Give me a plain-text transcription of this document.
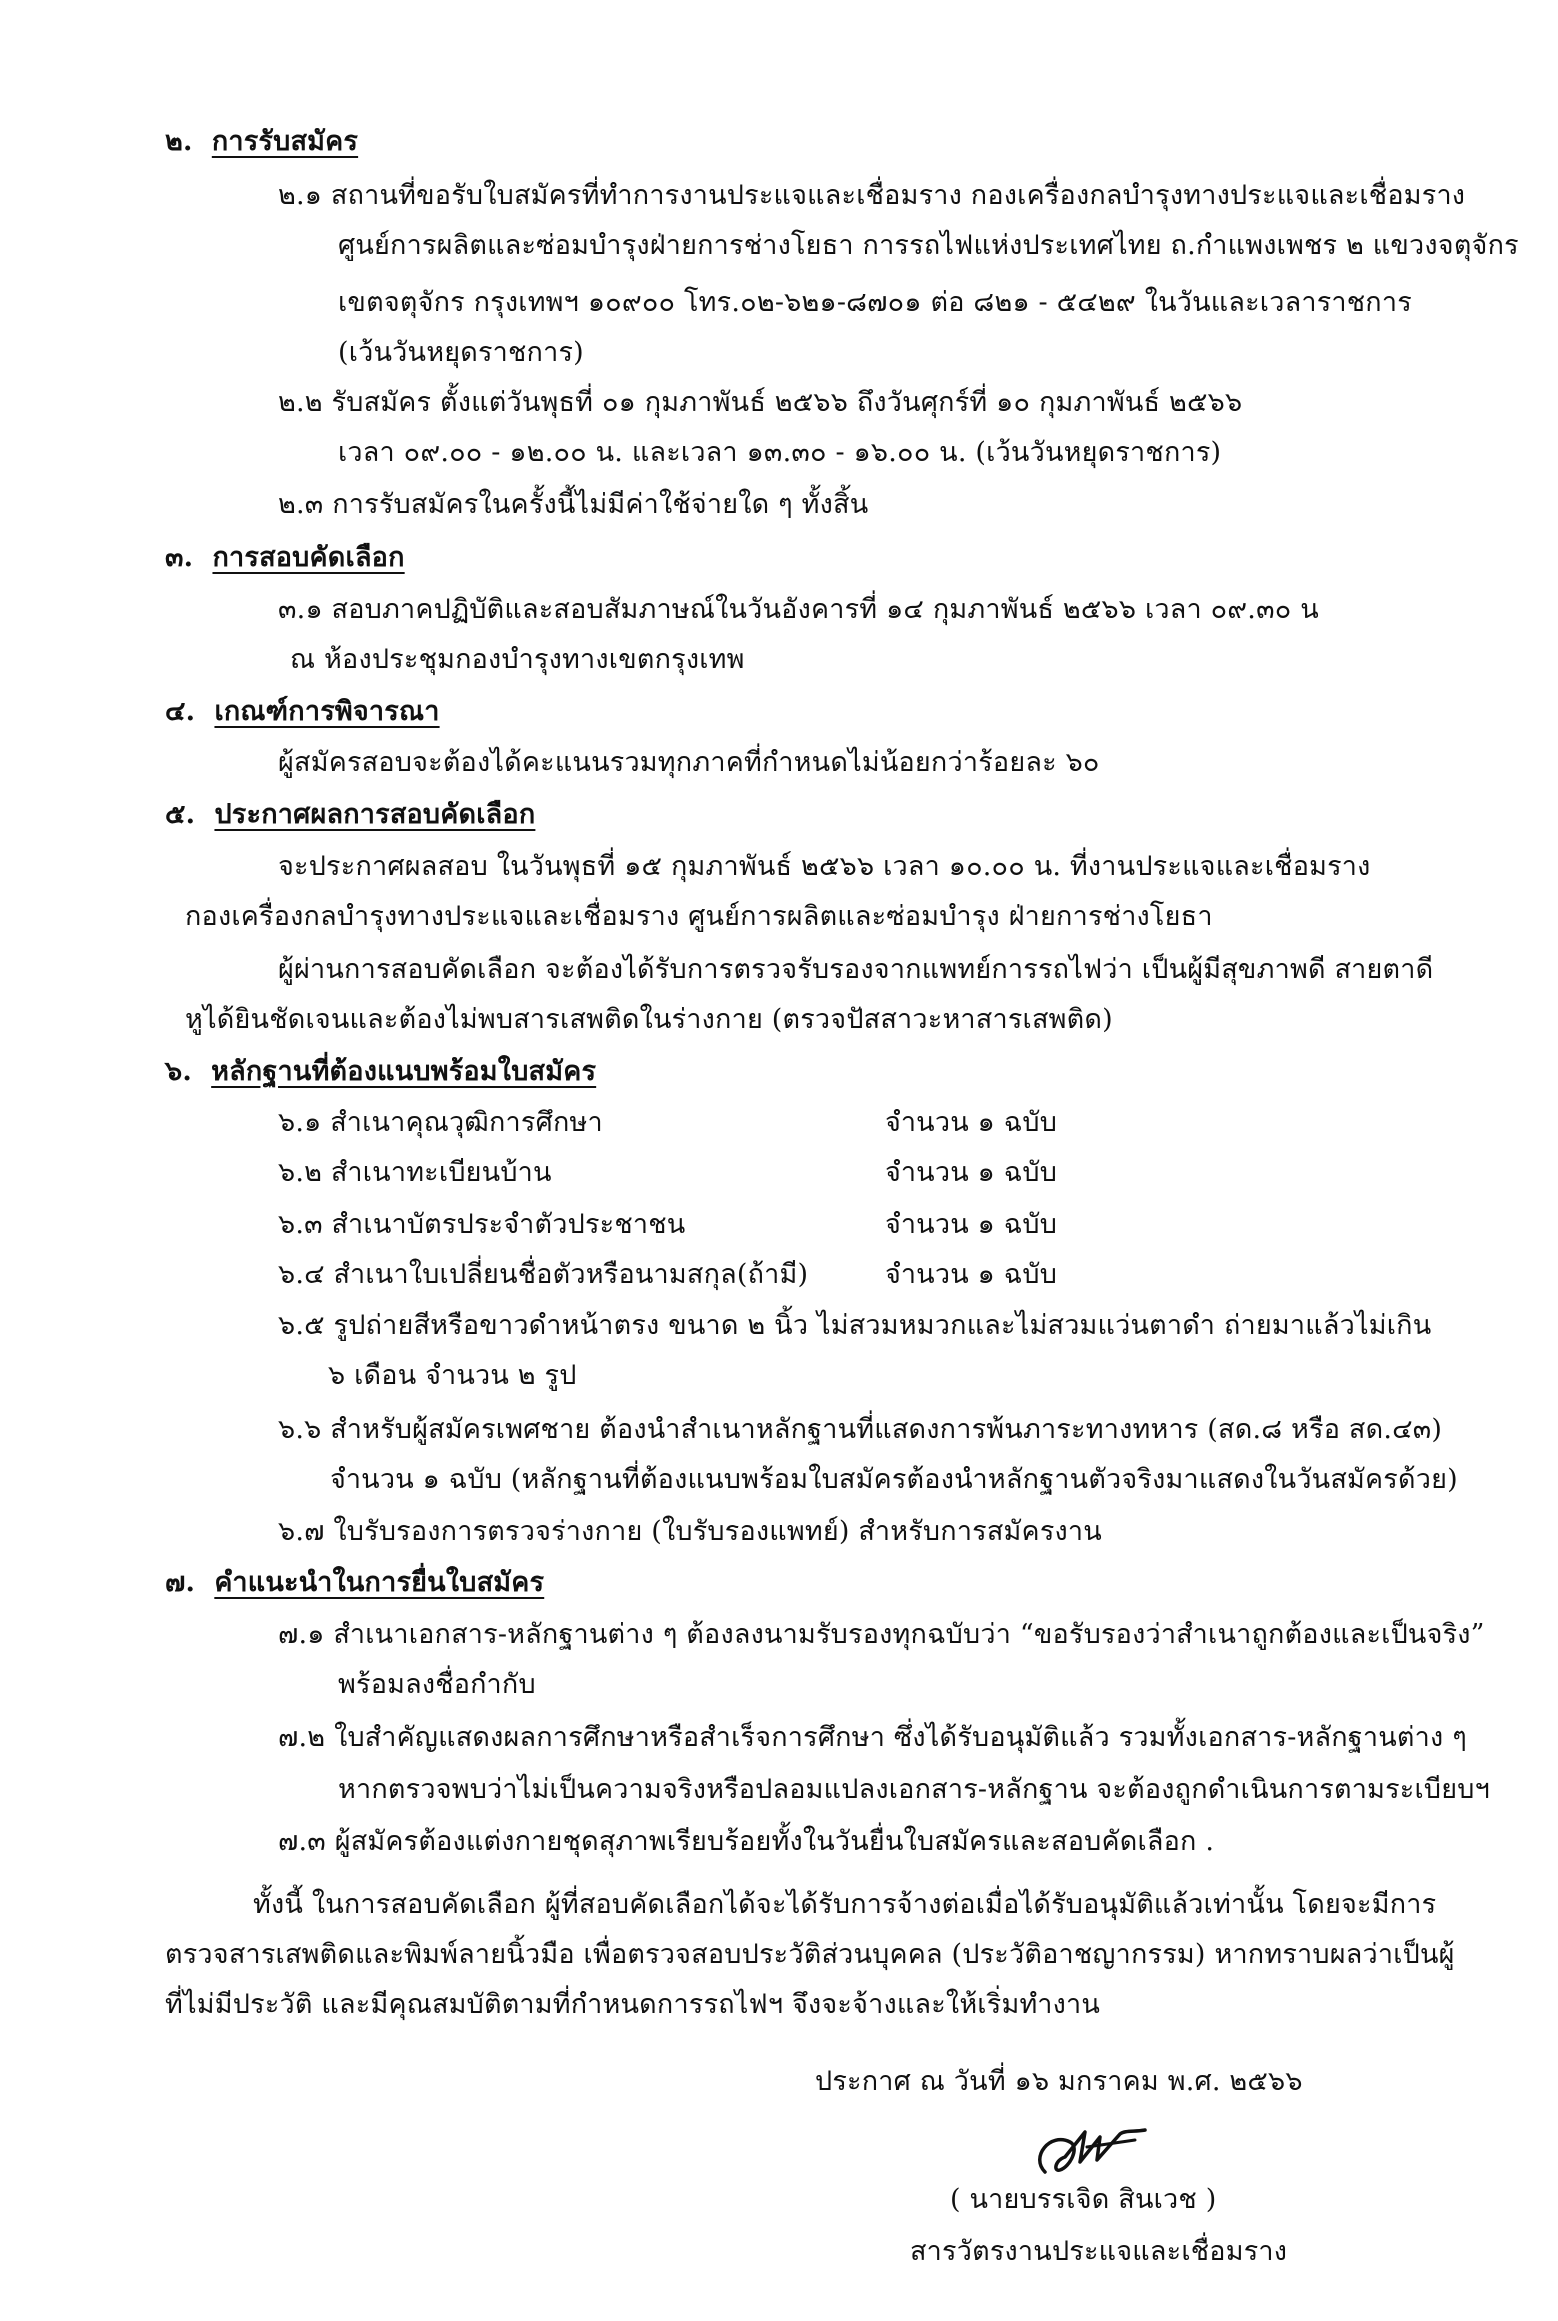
๒. การรับสมัคร
๒.๑ สถานที่ขอรับใบสมัครที่ทำการงานประแจและเชื่อมราง กองเครื่องกลบำรุงทางประแจและเชื่อมราง
ศูนย์การผลิตและซ่อมบำรุงฝ่ายการช่างโยธา การรถไฟแห่งประเทศไทย ถ.กำแพงเพชร ๒ แขวงจตุจักร
เขตจตุจักร กรุงเทพฯ ๑๐๙๐๐ โทร.๐๒-๖๒๑-๘๗๐๑ ต่อ ๘๒๑ - ๕๔๒๙ ในวันและเวลาราชการ
(เว้นวันหยุดราชการ)
๒.๒ รับสมัคร ตั้งแต่วันพุธที่ ๐๑ กุมภาพันธ์ ๒๕๖๖ ถึงวันศุกร์ที่ ๑๐ กุมภาพันธ์ ๒๕๖๖
เวลา ๐๙.๐๐ - ๑๒.๐๐ น. และเวลา ๑๓.๓๐ - ๑๖.๐๐ น. (เว้นวันหยุดราชการ)
๒.๓ การรับสมัครในครั้งนี้ไม่มีค่าใช้จ่ายใด ๆ ทั้งสิ้น
๓. การสอบคัดเลือก
๓.๑ สอบภาคปฏิบัติและสอบสัมภาษณ์ในวันอังคารที่ ๑๔ กุมภาพันธ์ ๒๕๖๖ เวลา ๐๙.๓๐ น
ณ ห้องประชุมกองบำรุงทางเขตกรุงเทพ
๔. เกณฑ์การพิจารณา
ผู้สมัครสอบจะต้องได้คะแนนรวมทุกภาคที่กำหนดไม่น้อยกว่าร้อยละ ๖๐
๕. ประกาศผลการสอบคัดเลือก
จะประกาศผลสอบ ในวันพุธที่ ๑๕ กุมภาพันธ์ ๒๕๖๖ เวลา ๑๐.๐๐ น. ที่งานประแจและเชื่อมราง
กองเครื่องกลบำรุงทางประแจและเชื่อมราง ศูนย์การผลิตและซ่อมบำรุง ฝ่ายการช่างโยธา
ผู้ผ่านการสอบคัดเลือก จะต้องได้รับการตรวจรับรองจากแพทย์การรถไฟว่า เป็นผู้มีสุขภาพดี สายตาดี
หูได้ยินชัดเจนและต้องไม่พบสารเสพติดในร่างกาย (ตรวจปัสสาวะหาสารเสพติด)
๖. หลักฐานที่ต้องแนบพร้อมใบสมัคร
๖.๑ สำเนาคุณวุฒิการศึกษา	จำนวน ๑ ฉบับ
๖.๒ สำเนาทะเบียนบ้าน	จำนวน ๑ ฉบับ
๖.๓ สำเนาบัตรประจำตัวประชาชน	จำนวน ๑ ฉบับ
๖.๔ สำเนาใบเปลี่ยนชื่อตัวหรือนามสกุล(ถ้ามี)	จำนวน ๑ ฉบับ
๖.๕ รูปถ่ายสีหรือขาวดำหน้าตรง ขนาด ๒ นิ้ว ไม่สวมหมวกและไม่สวมแว่นตาดำ ถ่ายมาแล้วไม่เกิน
๖ เดือน จำนวน ๒ รูป
๖.๖ สำหรับผู้สมัครเพศชาย ต้องนำสำเนาหลักฐานที่แสดงการพ้นภาระทางทหาร (สด.๘ หรือ สด.๔๓)
จำนวน ๑ ฉบับ (หลักฐานที่ต้องแนบพร้อมใบสมัครต้องนำหลักฐานตัวจริงมาแสดงในวันสมัครด้วย)
๖.๗ ใบรับรองการตรวจร่างกาย (ใบรับรองแพทย์) สำหรับการสมัครงาน
๗. คำแนะนำในการยื่นใบสมัคร
๗.๑ สำเนาเอกสาร-หลักฐานต่าง ๆ ต้องลงนามรับรองทุกฉบับว่า “ขอรับรองว่าสำเนาถูกต้องและเป็นจริง”
พร้อมลงชื่อกำกับ
๗.๒ ใบสำคัญแสดงผลการศึกษาหรือสำเร็จการศึกษา ซึ่งได้รับอนุมัติแล้ว รวมทั้งเอกสาร-หลักฐานต่าง ๆ
หากตรวจพบว่าไม่เป็นความจริงหรือปลอมแปลงเอกสาร-หลักฐาน จะต้องถูกดำเนินการตามระเบียบฯ
๗.๓ ผู้สมัครต้องแต่งกายชุดสุภาพเรียบร้อยทั้งในวันยื่นใบสมัครและสอบคัดเลือก .
ทั้งนี้ ในการสอบคัดเลือก ผู้ที่สอบคัดเลือกได้จะได้รับการจ้างต่อเมื่อได้รับอนุมัติแล้วเท่านั้น โดยจะมีการ
ตรวจสารเสพติดและพิมพ์ลายนิ้วมือ เพื่อตรวจสอบประวัติส่วนบุคคล (ประวัติอาชญากรรม) หากทราบผลว่าเป็นผู้
ที่ไม่มีประวัติ และมีคุณสมบัติตามที่กำหนดการรถไฟฯ จึงจะจ้างและให้เริ่มทำงาน
ประกาศ ณ วันที่ ๑๖ มกราคม พ.ศ. ๒๕๖๖
( นายบรรเจิด สินเวช )
สารวัตรงานประแจและเชื่อมราง
